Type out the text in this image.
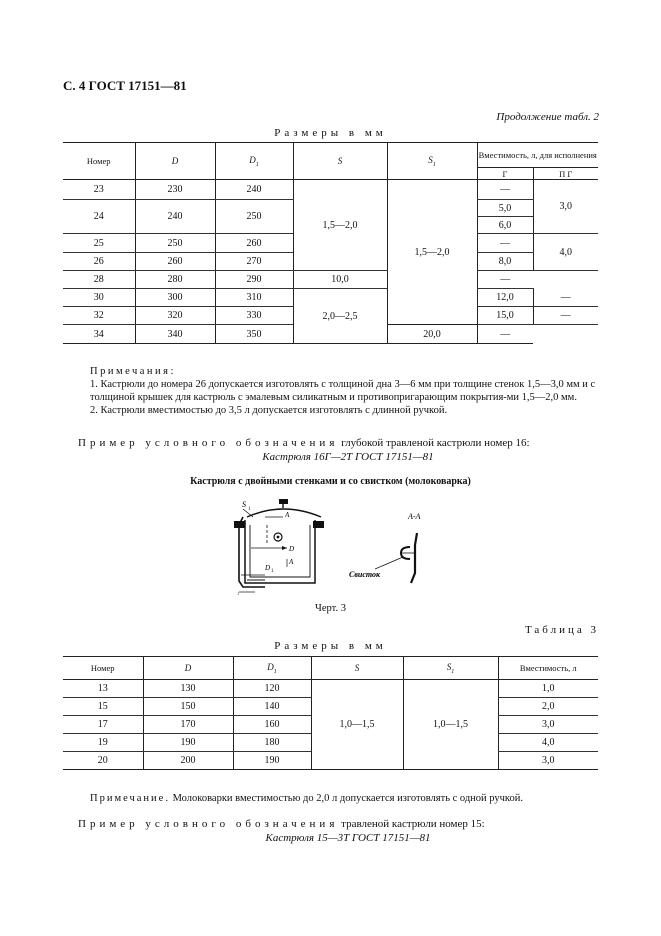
С. 4 ГОСТ 17151—81
Продолжение табл. 2
Размеры в мм
Номер	D	$D_1$	S	$S_1$	Вместимость, л, для исполнения	
					Г	П Г
23	230	240	1,5—2,0	1,5—2,0	—	3,0

24	240	250			5,0	
					6,0	
25	250	260			—	4,0
26	260	270			8,0	
28	280	290	10,0		—	
30	300	310	2,0—2,5		12,0	—
32	320	330			15,0	—
34	340	350		20,0	—	

Примечания:

1. Кастрюли до номера 26 допускается изготовлять с толщиной дна 3—6 мм при толщине стенок 1,5—3,0 мм и с толщиной крышек для кастрюль с эмалевым силикатным и противопригарающим покрытия-ми 1,5—2,0 мм.

2. Кастрюли вместимостью до 3,5 л допускается изготовлять с длинной ручкой.

Пример условного обозначения глубокой травленой кастрюли номер 16:
Кастрюля 16Г—2Т ГОСТ 17151—81
Кастрюля с двойными стенками и со свистком (молоковарка)
S
1
А
D
А
D 1
↕
А-А
Свисток
Черт. 3
Таблица 3
Размеры в мм
Номер	D	$D_1$	S	$S_1$	Вместимость, л
13	130	120	1,0—1,5	1,0—1,5	1,0
15	150	140			2,0
17	170	160			3,0
19	190	180			4,0
20	200	190			3,0
Примечание. Молоковарки вместимостью до 2,0 л допускается изготовлять с одной ручкой.
Пример условного обозначения травленой кастрюли номер 15:
Кастрюля 15—3Т ГОСТ 17151—81
